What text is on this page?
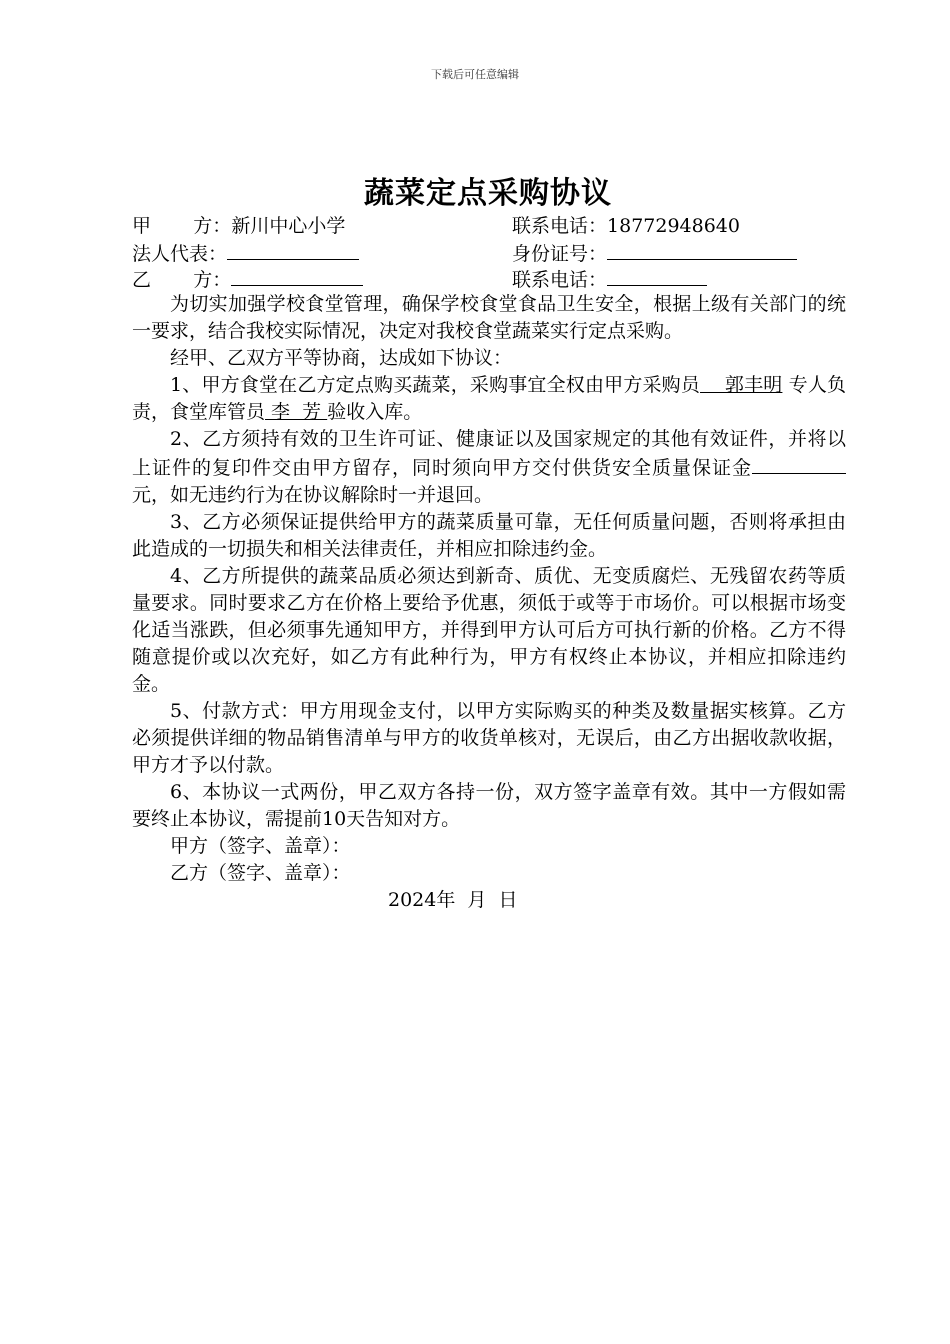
下载后可任意编辑
蔬菜定点采购协议
甲 方：新川中心小学	联系电话：18772948640
法人代表：	身份证号：
乙 方：	联系电话：

为切实加强学校食堂管理，确保学校食堂食品卫生安全，根据上级有关部门的统一要求，结合我校实际情况，决定对我校食堂蔬菜实行定点采购。

经甲、乙双方平等协商，达成如下协议：

1、甲方食堂在乙方定点购买蔬菜，采购事宜全权由甲方采购员    郭丰明 专人负责，食堂库管员 李  芳 验收入库。

2、乙方须持有效的卫生许可证、健康证以及国家规定的其他有效证件，并将以上证件的复印件交由甲方留存，同时须向甲方交付供货安全质量保证金元，如无违约行为在协议解除时一并退回。

3、乙方必须保证提供给甲方的蔬菜质量可靠，无任何质量问题，否则将承担由此造成的一切损失和相关法律责任，并相应扣除违约金。

4、乙方所提供的蔬菜品质必须达到新奇、质优、无变质腐烂、无残留农药等质量要求。同时要求乙方在价格上要给予优惠，须低于或等于市场价。可以根据市场变化适当涨跌，但必须事先通知甲方，并得到甲方认可后方可执行新的价格。乙方不得随意提价或以次充好，如乙方有此种行为，甲方有权终止本协议，并相应扣除违约金。

5、付款方式：甲方用现金支付，以甲方实际购买的种类及数量据实核算。乙方必须提供详细的物品销售清单与甲方的收货单核对，无误后，由乙方出据收款收据，甲方才予以付款。

6、本协议一式两份，甲乙双方各持一份，双方签字盖章有效。其中一方假如需要终止本协议，需提前10天告知对方。

甲方（签字、盖章）：

乙方（签字、盖章）：

2024年  月  日
